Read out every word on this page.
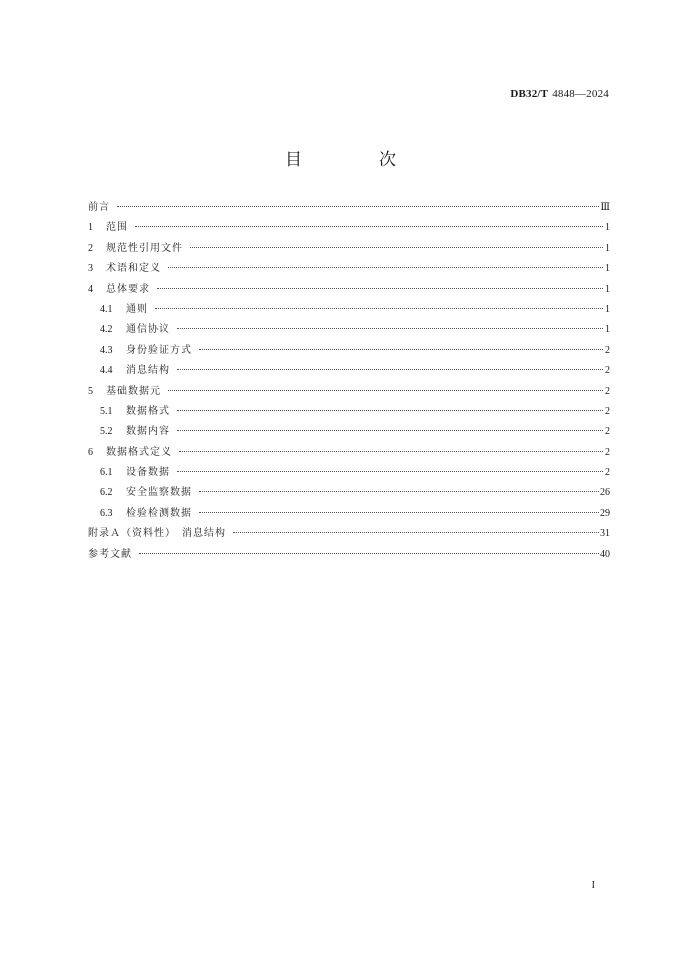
DB32/T 4848—2024
目　次
前言	Ⅲ
1	范围	1
2	规范性引用文件	1
3	术语和定义	1
4	总体要求	1
4.1	通则	1
4.2	通信协议	1
4.3	身份验证方式	2
4.4	消息结构	2
5	基础数据元	2
5.1	数据格式	2
5.2	数据内容	2
6	数据格式定义	2
6.1	设备数据	2
6.2	安全监察数据	26
6.3	检验检测数据	29
附录Ａ（资料性）　消息结构	31
参考文献	40
I
